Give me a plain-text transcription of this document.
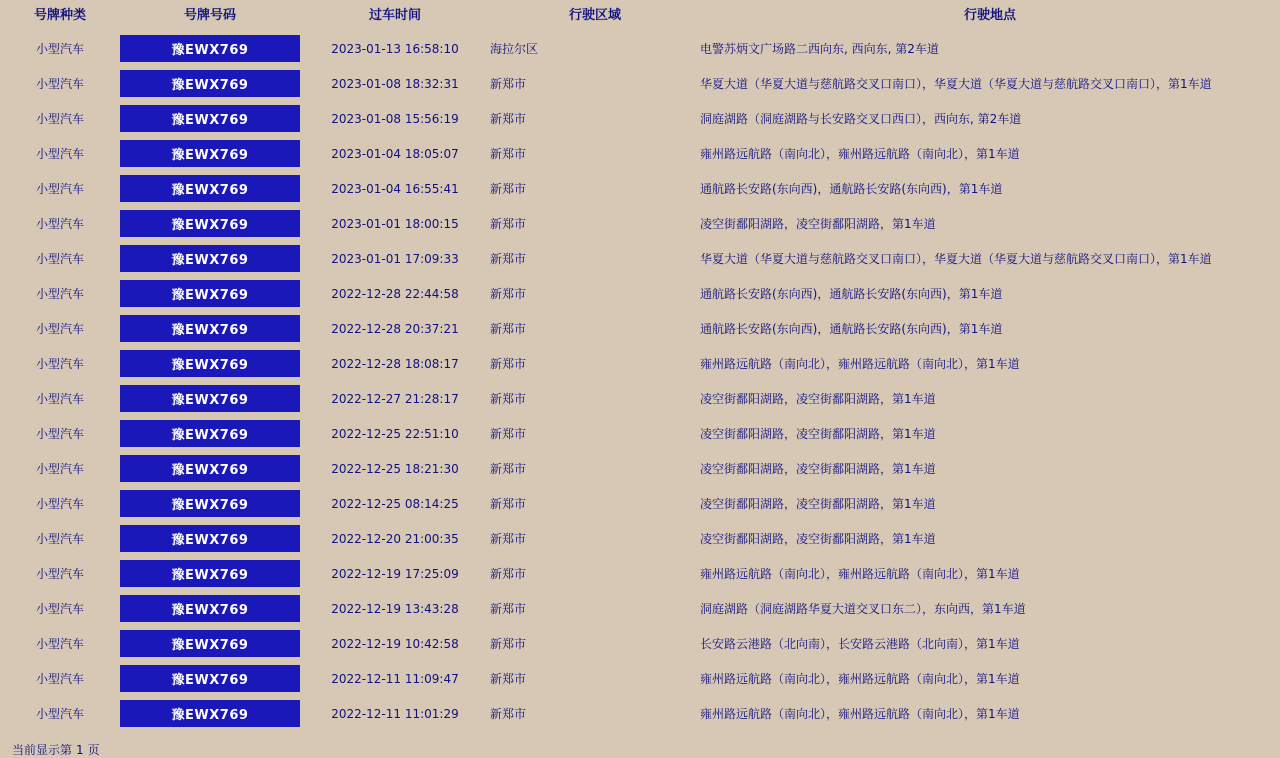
号牌种类	号牌号码	过车时间	行驶区域	行驶地点
小型汽车	豫EWX769	2023-01-13 16:58:10	海拉尔区	电警苏炳文广场路二西向东, 西向东, 第2车道
小型汽车	豫EWX769	2023-01-08 18:32:31	新郑市	华夏大道（华夏大道与慈航路交叉口南口），华夏大道（华夏大道与慈航路交叉口南口），第1车道
小型汽车	豫EWX769	2023-01-08 15:56:19	新郑市	洞庭湖路（洞庭湖路与长安路交叉口西口），西向东, 第2车道
小型汽车	豫EWX769	2023-01-04 18:05:07	新郑市	雍州路远航路（南向北），雍州路远航路（南向北），第1车道
小型汽车	豫EWX769	2023-01-04 16:55:41	新郑市	通航路长安路(东向西)，通航路长安路(东向西)，第1车道
小型汽车	豫EWX769	2023-01-01 18:00:15	新郑市	凌空街鄱阳湖路，凌空街鄱阳湖路，第1车道
小型汽车	豫EWX769	2023-01-01 17:09:33	新郑市	华夏大道（华夏大道与慈航路交叉口南口），华夏大道（华夏大道与慈航路交叉口南口），第1车道
小型汽车	豫EWX769	2022-12-28 22:44:58	新郑市	通航路长安路(东向西)，通航路长安路(东向西)，第1车道
小型汽车	豫EWX769	2022-12-28 20:37:21	新郑市	通航路长安路(东向西)，通航路长安路(东向西)，第1车道
小型汽车	豫EWX769	2022-12-28 18:08:17	新郑市	雍州路远航路（南向北），雍州路远航路（南向北），第1车道
小型汽车	豫EWX769	2022-12-27 21:28:17	新郑市	凌空街鄱阳湖路，凌空街鄱阳湖路，第1车道
小型汽车	豫EWX769	2022-12-25 22:51:10	新郑市	凌空街鄱阳湖路，凌空街鄱阳湖路，第1车道
小型汽车	豫EWX769	2022-12-25 18:21:30	新郑市	凌空街鄱阳湖路，凌空街鄱阳湖路，第1车道
小型汽车	豫EWX769	2022-12-25 08:14:25	新郑市	凌空街鄱阳湖路，凌空街鄱阳湖路，第1车道
小型汽车	豫EWX769	2022-12-20 21:00:35	新郑市	凌空街鄱阳湖路，凌空街鄱阳湖路，第1车道
小型汽车	豫EWX769	2022-12-19 17:25:09	新郑市	雍州路远航路（南向北），雍州路远航路（南向北），第1车道
小型汽车	豫EWX769	2022-12-19 13:43:28	新郑市	洞庭湖路（洞庭湖路华夏大道交叉口东二），东向西，第1车道
小型汽车	豫EWX769	2022-12-19 10:42:58	新郑市	长安路云港路（北向南），长安路云港路（北向南），第1车道
小型汽车	豫EWX769	2022-12-11 11:09:47	新郑市	雍州路远航路（南向北），雍州路远航路（南向北），第1车道
小型汽车	豫EWX769	2022-12-11 11:01:29	新郑市	雍州路远航路（南向北），雍州路远航路（南向北），第1车道
当前显示第 1 页
